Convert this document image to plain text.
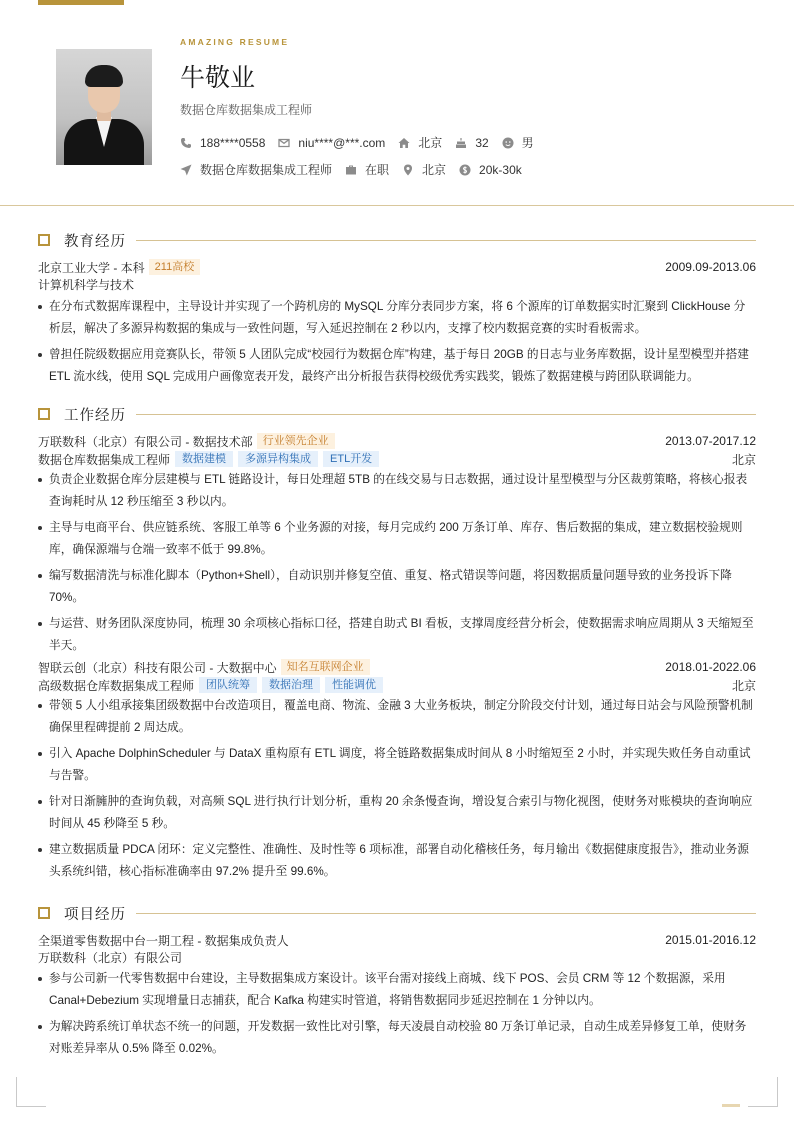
AMAZING RESUME
牛敬业
数据仓库数据集成工程师
188****0558	niu****@***.com	北京	32	男
数据仓库数据集成工程师	在职	北京	20k-30k
教育经历
北京工业大学 - 本科 211高校	2009.09-2013.06
计算机科学与技术
在分布式数据库课程中，主导设计并实现了一个跨机房的 MySQL 分库分表同步方案，将 6 个源库的订单数据实时汇聚到 ClickHouse 分析层，解决了多源异构数据的集成与一致性问题，写入延迟控制在 2 秒以内，支撑了校内数据竞赛的实时看板需求。
曾担任院级数据应用竞赛队长，带领 5 人团队完成“校园行为数据仓库”构建，基于每日 20GB 的日志与业务库数据，设计星型模型并搭建 ETL 流水线，使用 SQL 完成用户画像宽表开发，最终产出分析报告获得校级优秀实践奖，锻炼了数据建模与跨团队联调能力。
工作经历
万联数科（北京）有限公司 - 数据技术部 行业领先企业	2013.07-2017.12
数据仓库数据集成工程师	数据建模	多源异构集成	ETL开发	北京
负责企业数据仓库分层建模与 ETL 链路设计，每日处理超 5TB 的在线交易与日志数据，通过设计星型模型与分区裁剪策略，将核心报表查询耗时从 12 秒压缩至 3 秒以内。
主导与电商平台、供应链系统、客服工单等 6 个业务源的对接，每月完成约 200 万条订单、库存、售后数据的集成，建立数据校验规则库，确保源端与仓端一致率不低于 99.8%。
编写数据清洗与标准化脚本（Python+Shell），自动识别并修复空值、重复、格式错误等问题，将因数据质量问题导致的业务投诉下降 70%。
与运营、财务团队深度协同，梳理 30 余项核心指标口径，搭建自助式 BI 看板，支撑周度经营分析会，使数据需求响应周期从 3 天缩短至半天。
智联云创（北京）科技有限公司 - 大数据中心 知名互联网企业	2018.01-2022.06
高级数据仓库数据集成工程师	团队统筹	数据治理	性能调优	北京
带领 5 人小组承接集团级数据中台改造项目，覆盖电商、物流、金融 3 大业务板块，制定分阶段交付计划，通过每日站会与风险预警机制确保里程碑提前 2 周达成。
引入 Apache DolphinScheduler 与 DataX 重构原有 ETL 调度，将全链路数据集成时间从 8 小时缩短至 2 小时，并实现失败任务自动重试与告警。
针对日渐臃肿的查询负载，对高频 SQL 进行执行计划分析，重构 20 余条慢查询，增设复合索引与物化视图，使财务对账模块的查询响应时间从 45 秒降至 5 秒。
建立数据质量 PDCA 闭环：定义完整性、准确性、及时性等 6 项标准，部署自动化稽核任务，每月输出《数据健康度报告》，推动业务源头系统纠错，核心指标准确率由 97.2% 提升至 99.6%。
项目经历
全渠道零售数据中台一期工程 - 数据集成负责人	2015.01-2016.12
万联数科（北京）有限公司
参与公司新一代零售数据中台建设，主导数据集成方案设计。该平台需对接线上商城、线下 POS、会员 CRM 等 12 个数据源，采用 Canal+Debezium 实现增量日志捕获，配合 Kafka 构建实时管道，将销售数据同步延迟控制在 1 分钟以内。
为解决跨系统订单状态不统一的问题，开发数据一致性比对引擎，每天凌晨自动校验 80 万条订单记录，自动生成差异修复工单，使财务对账差异率从 0.5% 降至 0.02%。
